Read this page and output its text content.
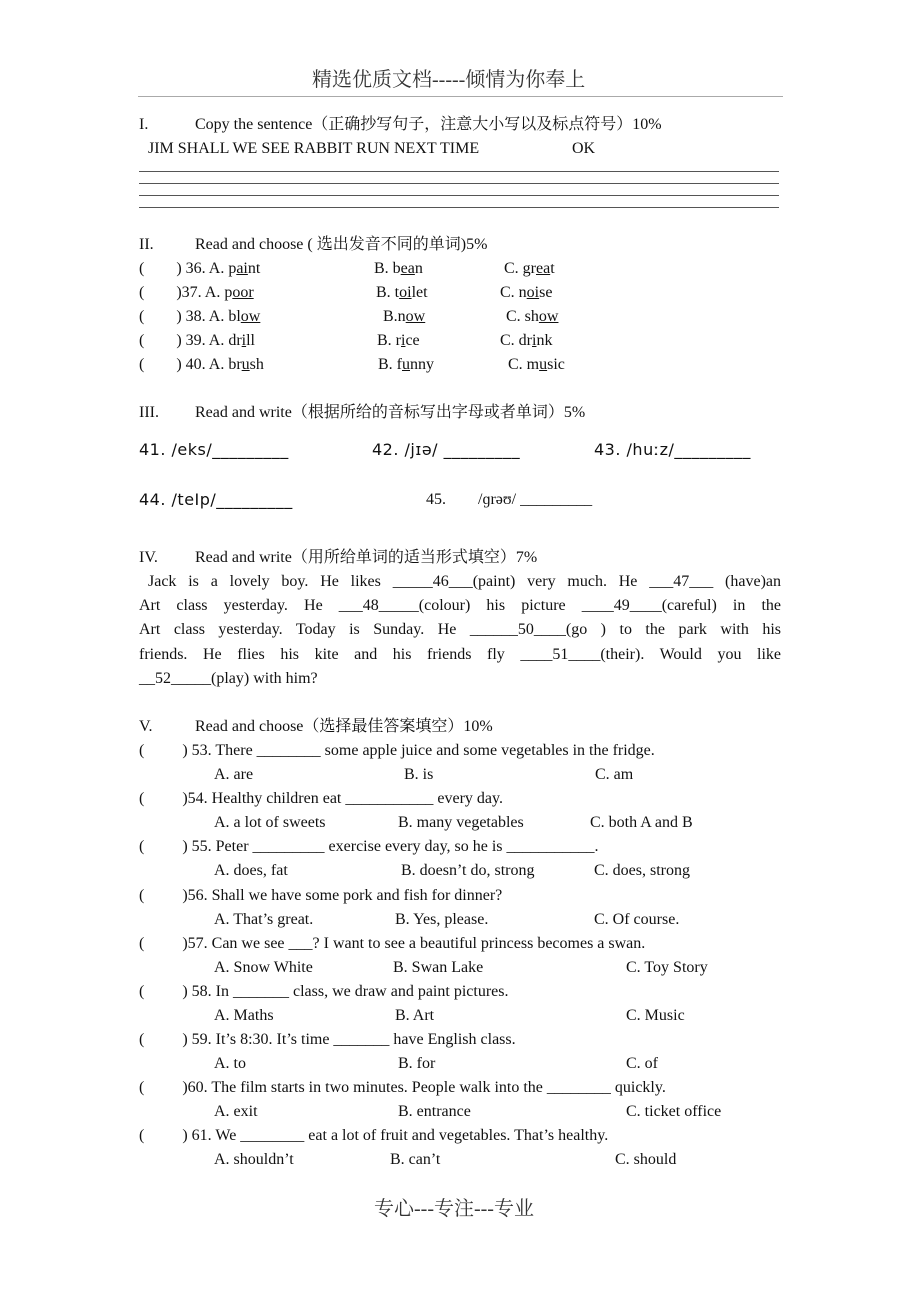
精选优质文档-----倾情为你奉上
I.	Copy the sentence（正确抄写句子，注意大小写以及标点符号）10%
JIM SHALL WE SEE RABBIT RUN NEXT TIME	OK
II.	Read and choose ( 选出发音不同的单词)5%
( ) 36. A. paint	B. bean	C. great
( )37. A. poor	B. toilet	C. noise
( ) 38. A. blow	B.now	C. show
( ) 39. A. drill	B. rice	C. drink
( ) 40. A. brush	B. funny	C. music
III. Read and write（根据所给的音标写出字母或者单词）5%
41. /eks/_________	42. /jɪə/ _________	43. /huːz/_________
44. /teIp/_________	45. /ɡrəʊ/ _________
IV. Read and write（用所给单词的适当形式填空）7%
Jack is a lovely boy. He likes _____46___(paint) very much. He ___47___ (have)an
Art class yesterday. He ___48_____(colour) his picture ____49____(careful) in the
Art class yesterday. Today is Sunday. He ______50____(go ) to the park with his
friends. He flies his kite and his friends fly ____51____(their). Would you like
__52_____(play) with him?
V.	Read and choose（选择最佳答案填空）10%
( ) 53. There ________ some apple juice and some vegetables in the fridge.
A. are	B. is	C. am
( )54. Healthy children eat ___________ every day.
A. a lot of sweets	B. many vegetables	C. both A and B
( ) 55. Peter _________ exercise every day, so he is ___________.
A. does, fat	B. doesn’t do, strong	C. does, strong
( )56. Shall we have some pork and fish for dinner?
A. That’s great.	B. Yes, please.	C. Of course.
( )57. Can we see ___? I want to see a beautiful princess becomes a swan.
A. Snow White	B. Swan Lake	C. Toy Story
( ) 58. In _______ class, we draw and paint pictures.
A. Maths	B. Art	C. Music
( ) 59. It’s 8:30. It’s time _______ have English class.
A. to	B. for	C. of
( )60. The film starts in two minutes. People walk into the ________ quickly.
A. exit	B. entrance	C. ticket office
( ) 61. We ________ eat a lot of fruit and vegetables. That’s healthy.
A. shouldn’t	B. can’t	C. should
专心---专注---专业
